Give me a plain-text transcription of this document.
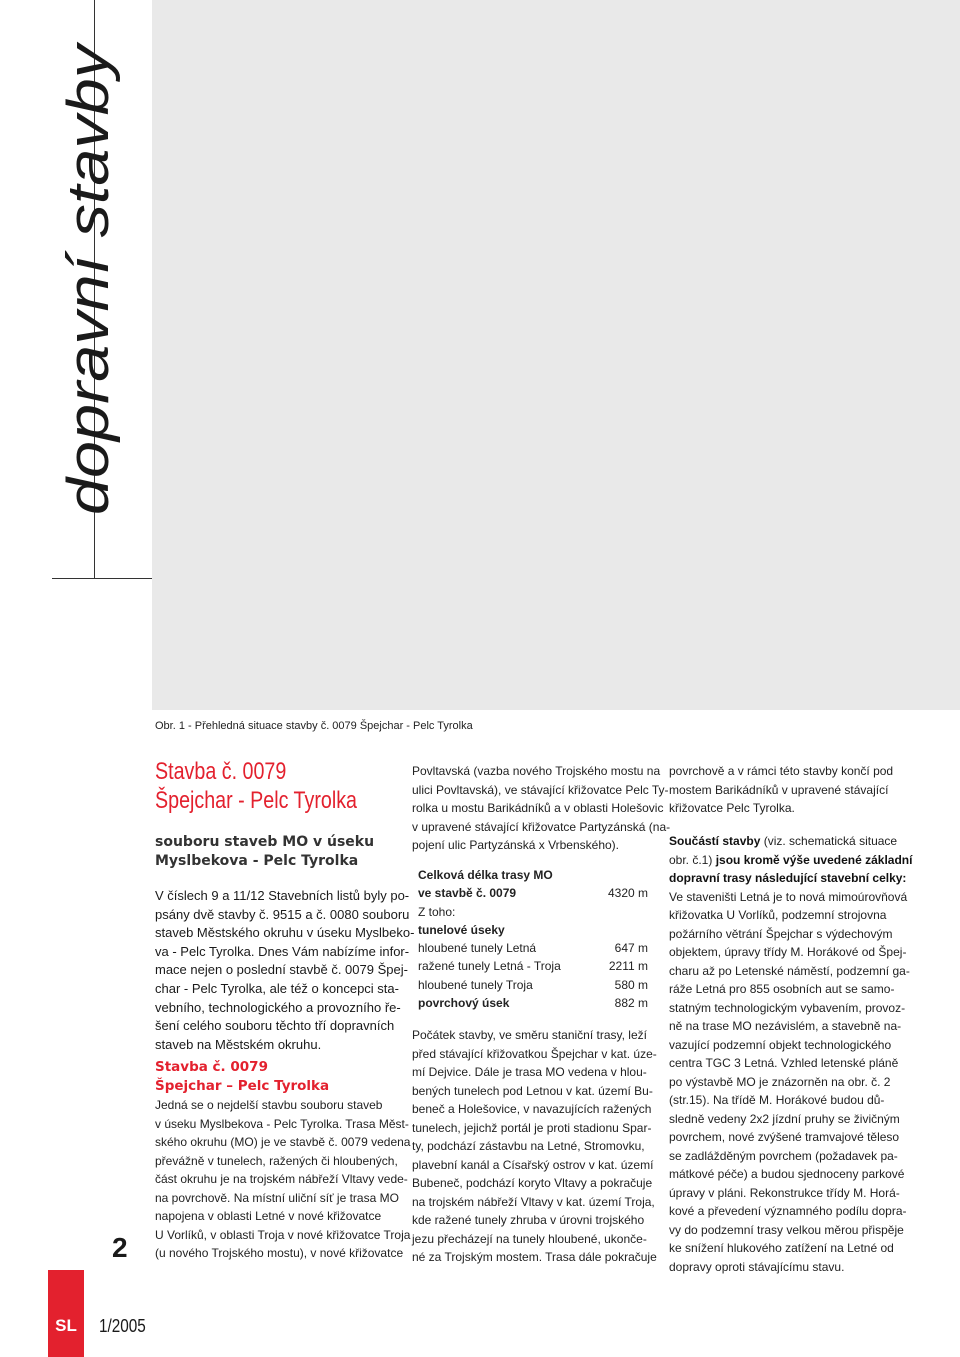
dopravní stavby
2
SL	1/2005
Obr. 1 - Přehledná situace stavby č. 0079 Špejchar - Pelc Tyrolka
Stavba č. 0079
Špejchar - Pelc Tyrolka
souboru staveb MO v úseku
Myslbekova - Pelc Tyrolka
V číslech 9 a 11/12 Stavebních listů byly po-
psány dvě stavby č. 9515 a č. 0080 souboru
staveb Městského okruhu v úseku Myslbeko-
va - Pelc Tyrolka. Dnes Vám nabízíme infor-
mace nejen o poslední stavbě č. 0079 Špej-
char - Pelc Tyrolka, ale též o koncepci sta-
vebního, technologického a provozního ře-
šení celého souboru těchto tří dopravních
staveb na Městském okruhu.
Stavba č. 0079
Špejchar – Pelc Tyrolka
Jedná se o nejdelší stavbu souboru staveb
v úseku Myslbekova - Pelc Tyrolka. Trasa Měst-
ského okruhu (MO) je ve stavbě č. 0079 vedena
převážně v tunelech, ražených či hloubených,
část okruhu je na trojském nábřeží Vltavy vede-
na povrchově. Na místní uliční síť je trasa MO
napojena v oblasti Letné v nové křižovatce
U Vorlíků, v oblasti Troja v nové křižovatce Troja
(u nového Trojského mostu), v nové křižovatce
Povltavská (vazba nového Trojského mostu na
ulici Povltavská), ve stávající křižovatce Pelc Ty-
rolka u mostu Barikádníků a v oblasti Holešovic
v upravené stávající křižovatce Partyzánská (na-
pojení ulic Partyzánská x Vrbenského).
Celková délka trasy MO	
ve stavbě č. 0079	4320 m
Z toho:	
tunelové úseky	
hloubené tunely Letná	647 m
ražené tunely Letná - Troja	2211 m
hloubené tunely Troja	580 m
povrchový úsek	882 m
Počátek stavby, ve směru staniční trasy, leží
před stávající křižovatkou Špejchar v kat. úze-
mí Dejvice. Dále je trasa MO vedena v hlou-
bených tunelech pod Letnou v kat. území Bu-
beneč a Holešovice, v navazujících ražených
tunelech, jejichž portál je proti stadionu Spar-
ty, podchází zástavbu na Letné, Stromovku,
plavební kanál a Císařský ostrov v kat. území
Bubeneč, podchází koryto Vltavy a pokračuje
na trojském nábřeží Vltavy v kat. území Troja,
kde ražené tunely zhruba v úrovni trojského
jezu přecházejí na tunely hloubené, ukonče-
né za Trojským mostem. Trasa dále pokračuje
povrchově a v rámci této stavby končí pod
mostem Barikádníků v upravené stávající
křižovatce Pelc Tyrolka.
Součástí stavby (viz. schematická situace
obr. č.1) jsou kromě výše uvedené základní
dopravní trasy následující stavební celky:
Ve staveništi Letná je to nová mimoúrovňová
křižovatka U Vorlíků, podzemní strojovna
požárního větrání Špejchar s výdechovým
objektem, úpravy třídy M. Horákové od Špej-
charu až po Letenské náměstí, podzemní ga-
ráže Letná pro 855 osobních aut se samo-
statným technologickým vybavením, provoz-
ně na trase MO nezávislém, a stavebně na-
vazující podzemní objekt technologického
centra TGC 3 Letná. Vzhled letenské pláně
po výstavbě MO je znázorněn na obr. č. 2
(str.15). Na třídě M. Horákové budou dů-
sledně vedeny 2x2 jízdní pruhy se živičným
povrchem, nové zvýšené tramvajové těleso
se zadlážděným povrchem (požadavek pa-
mátkové péče) a budou sjednoceny parkové
úpravy v pláni. Rekonstrukce třídy M. Horá-
kové a převedení významného podílu dopra-
vy do podzemní trasy velkou měrou přispěje
ke snížení hlukového zatížení na Letné od
dopravy oproti stávajícímu stavu.
